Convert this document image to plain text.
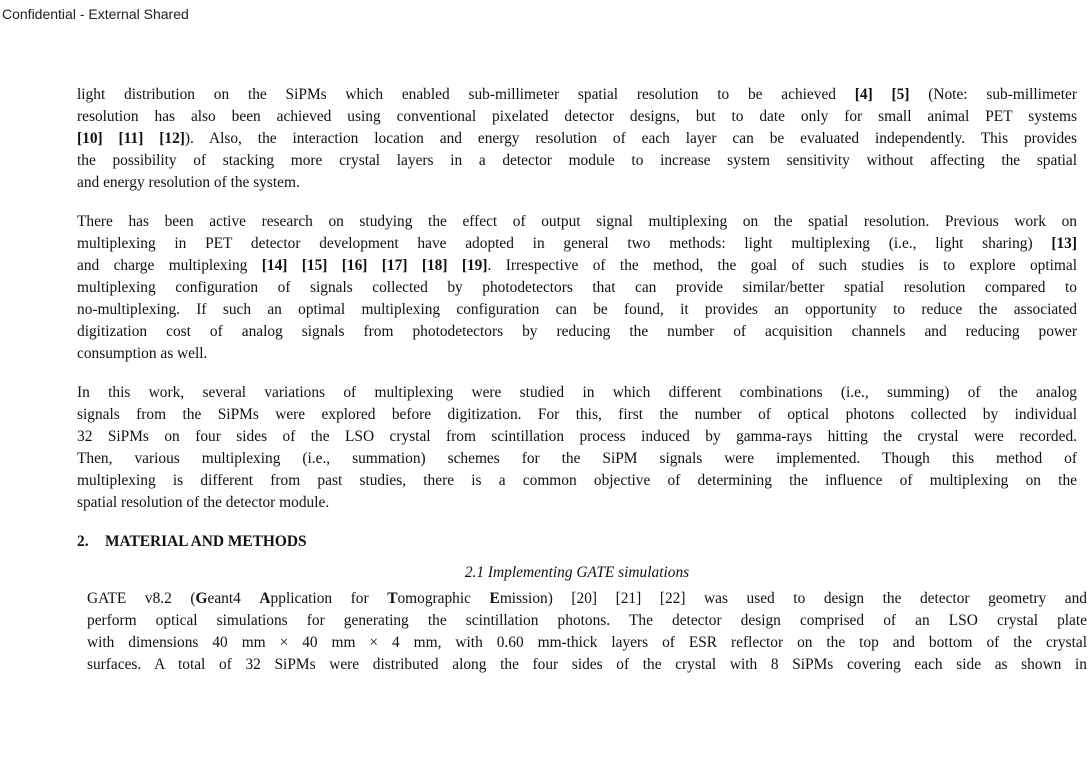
Confidential - External Shared

light distribution on the SiPMs which enabled sub-millimeter spatial resolution to be achieved [4] [5] (Note: sub-millimeter
resolution has also been achieved using conventional pixelated detector designs, but to date only for small animal PET systems
[10] [11] [12]). Also, the interaction location and energy resolution of each layer can be evaluated independently. This provides
the possibility of stacking more crystal layers in a detector module to increase system sensitivity without affecting the spatial
and energy resolution of the system.

There has been active research on studying the effect of output signal multiplexing on the spatial resolution. Previous work on
multiplexing in PET detector development have adopted in general two methods: light multiplexing (i.e., light sharing) [13]
and charge multiplexing [14] [15] [16] [17] [18] [19]. Irrespective of the method, the goal of such studies is to explore optimal
multiplexing configuration of signals collected by photodetectors that can provide similar/better spatial resolution compared to
no-multiplexing. If such an optimal multiplexing configuration can be found, it provides an opportunity to reduce the associated
digitization cost of analog signals from photodetectors by reducing the number of acquisition channels and reducing power
consumption as well.

In this work, several variations of multiplexing were studied in which different combinations (i.e., summing) of the analog
signals from the SiPMs were explored before digitization. For this, first the number of optical photons collected by individual
32 SiPMs on four sides of the LSO crystal from scintillation process induced by gamma-rays hitting the crystal were recorded.
Then, various multiplexing (i.e., summation) schemes for the SiPM signals were implemented. Though this method of
multiplexing is different from past studies, there is a common objective of determining the influence of multiplexing on the
spatial resolution of the detector module.

2. MATERIAL AND METHODS
2.1 Implementing GATE simulations

GATE v8.2 (Geant4 Application for Tomographic Emission) [20] [21] [22] was used to design the detector geometry and
perform optical simulations for generating the scintillation photons. The detector design comprised of an LSO crystal plate
with dimensions 40 mm × 40 mm × 4 mm, with 0.60 mm-thick layers of ESR reflector on the top and bottom of the crystal
surfaces. A total of 32 SiPMs were distributed along the four sides of the crystal with 8 SiPMs covering each side as shown in
